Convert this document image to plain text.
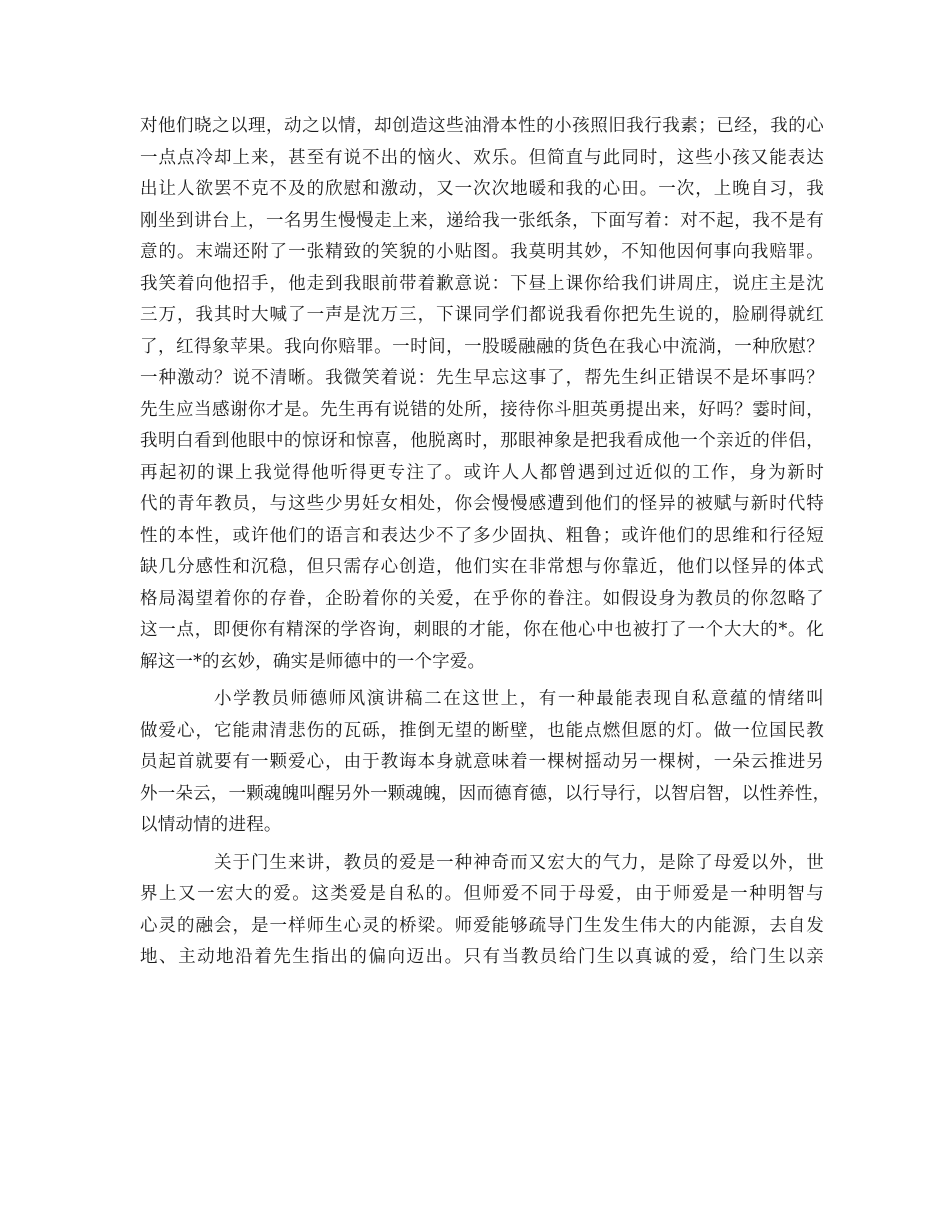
对他们晓之以理，动之以情，却创造这些油滑本性的小孩照旧我行我素；已经，我的心
一点点冷却上来，甚至有说不出的恼火、欢乐。但简直与此同时，这些小孩又能表达
出让人欲罢不克不及的欣慰和激动，又一次次地暖和我的心田。一次，上晚自习，我
刚坐到讲台上，一名男生慢慢走上来，递给我一张纸条，下面写着：对不起，我不是有
意的。末端还附了一张精致的笑貌的小贴图。我莫明其妙，不知他因何事向我赔罪。
我笑着向他招手，他走到我眼前带着歉意说：下昼上课你给我们讲周庄，说庄主是沈
三万，我其时大喊了一声是沈万三，下课同学们都说我看你把先生说的，脸刷得就红
了，红得象苹果。我向你赔罪。一时间，一股暖融融的货色在我心中流淌，一种欣慰？
一种激动？说不清晰。我微笑着说：先生早忘这事了，帮先生纠正错误不是坏事吗？
先生应当感谢你才是。先生再有说错的处所，接待你斗胆英勇提出来，好吗？霎时间，
我明白看到他眼中的惊讶和惊喜，他脱离时，那眼神象是把我看成他一个亲近的伴侣，
再起初的课上我觉得他听得更专注了。或许人人都曾遇到过近似的工作，身为新时
代的青年教员，与这些少男妊女相处，你会慢慢感遭到他们的怪异的被赋与新时代特
性的本性，或许他们的语言和表达少不了多少固执、粗鲁；或许他们的思维和行径短
缺几分感性和沉稳，但只需存心创造，他们实在非常想与你靠近，他们以怪异的体式
格局渴望着你的存眷，企盼着你的关爱，在乎你的眷注。如假设身为教员的你忽略了
这一点，即便你有精深的学咨询，刺眼的才能，你在他心中也被打了一个大大的*。化
解这一*的玄妙，确实是师德中的一个字爱。
小学教员师德师风演讲稿二在这世上，有一种最能表现自私意蕴的情绪叫
做爱心，它能肃清悲伤的瓦砾，推倒无望的断壁，也能点燃但愿的灯。做一位国民教
员起首就要有一颗爱心，由于教诲本身就意味着一棵树摇动另一棵树，一朵云推进另
外一朵云，一颗魂魄叫醒另外一颗魂魄，因而德育德，以行导行，以智启智，以性养性，
以情动情的进程。
关于门生来讲，教员的爱是一种神奇而又宏大的气力，是除了母爱以外，世
界上又一宏大的爱。这类爱是自私的。但师爱不同于母爱，由于师爱是一种明智与
心灵的融会，是一样师生心灵的桥梁。师爱能够疏导门生发生伟大的内能源，去自发
地、主动地沿着先生指出的偏向迈出。只有当教员给门生以真诚的爱，给门生以亲
